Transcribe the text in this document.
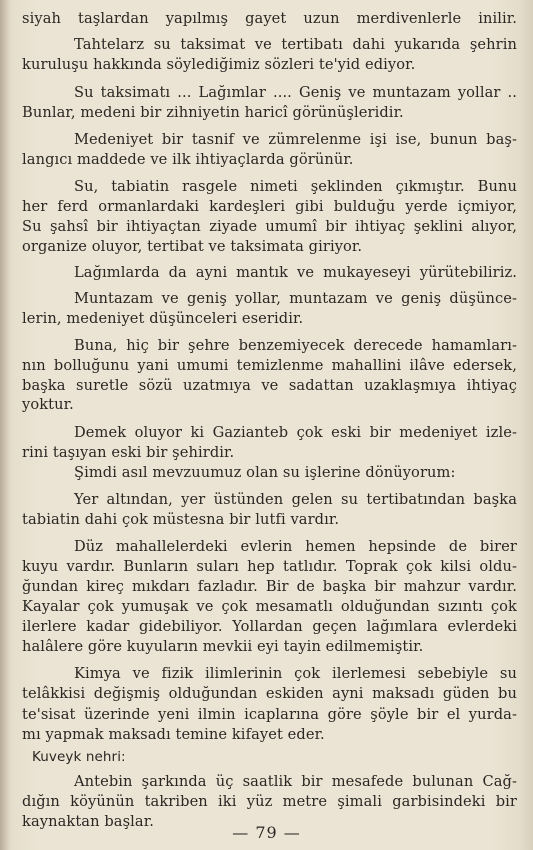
siyah taşlardan yapılmış gayet uzun merdivenlerle inilir.
Tahtelarz su taksimat ve tertibatı dahi yukarıda şehrin
kuruluşu hakkında söylediğimiz sözleri te'yid ediyor.
Su taksimatı ... Lağımlar .... Geniş ve muntazam yollar ..
Bunlar, medeni bir zihniyetin haricî görünüşleridir.
Medeniyet bir tasnif ve zümrelenme işi ise, bunun baş-
langıcı maddede ve ilk ihtiyaçlarda görünür.
Su, tabiatin rasgele nimeti şeklinden çıkmıştır. Bunu
her ferd ormanlardaki kardeşleri gibi bulduğu yerde içmiyor,
Su şahsî bir ihtiyaçtan ziyade umumî bir ihtiyaç şeklini alıyor,
organize oluyor, tertibat ve taksimata giriyor.
Lağımlarda da ayni mantık ve mukayeseyi yürütebiliriz.
Muntazam ve geniş yollar, muntazam ve geniş düşünce-
lerin, medeniyet düşünceleri eseridir.
Buna, hiç bir şehre benzemiyecek derecede hamamları-
nın bolluğunu yani umumi temizlenme mahallini ilâve edersek,
başka suretle sözü uzatmıya ve sadattan uzaklaşmıya ihtiyaç
yoktur.
Demek oluyor ki Gazianteb çok eski bir medeniyet izle-
rini taşıyan eski bir şehirdir.
Şimdi asıl mevzuumuz olan su işlerine dönüyorum:
Yer altından, yer üstünden gelen su tertibatından başka
tabiatin dahi çok müstesna bir lutfi vardır.
Düz mahallelerdeki evlerin hemen hepsinde de birer
kuyu vardır. Bunların suları hep tatlıdır. Toprak çok kilsi oldu-
ğundan kireç mıkdarı fazladır. Bir de başka bir mahzur vardır.
Kayalar çok yumuşak ve çok mesamatlı olduğundan sızıntı çok
ilerlere kadar gidebiliyor. Yollardan geçen lağımlara evlerdeki
halâlere göre kuyuların mevkii eyi tayin edilmemiştir.
Kimya ve fizik ilimlerinin çok ilerlemesi sebebiyle su
telâkkisi değişmiş olduğundan eskiden ayni maksadı güden bu
te'sisat üzerinde yeni ilmin icaplarına göre şöyle bir el yurda-
mı yapmak maksadı temine kifayet eder.
Kuveyk nehri:
Antebin şarkında üç saatlik bir mesafede bulunan Cağ-
dığın köyünün takriben iki yüz metre şimali garbisindeki bir
kaynaktan başlar.
— 79 —
